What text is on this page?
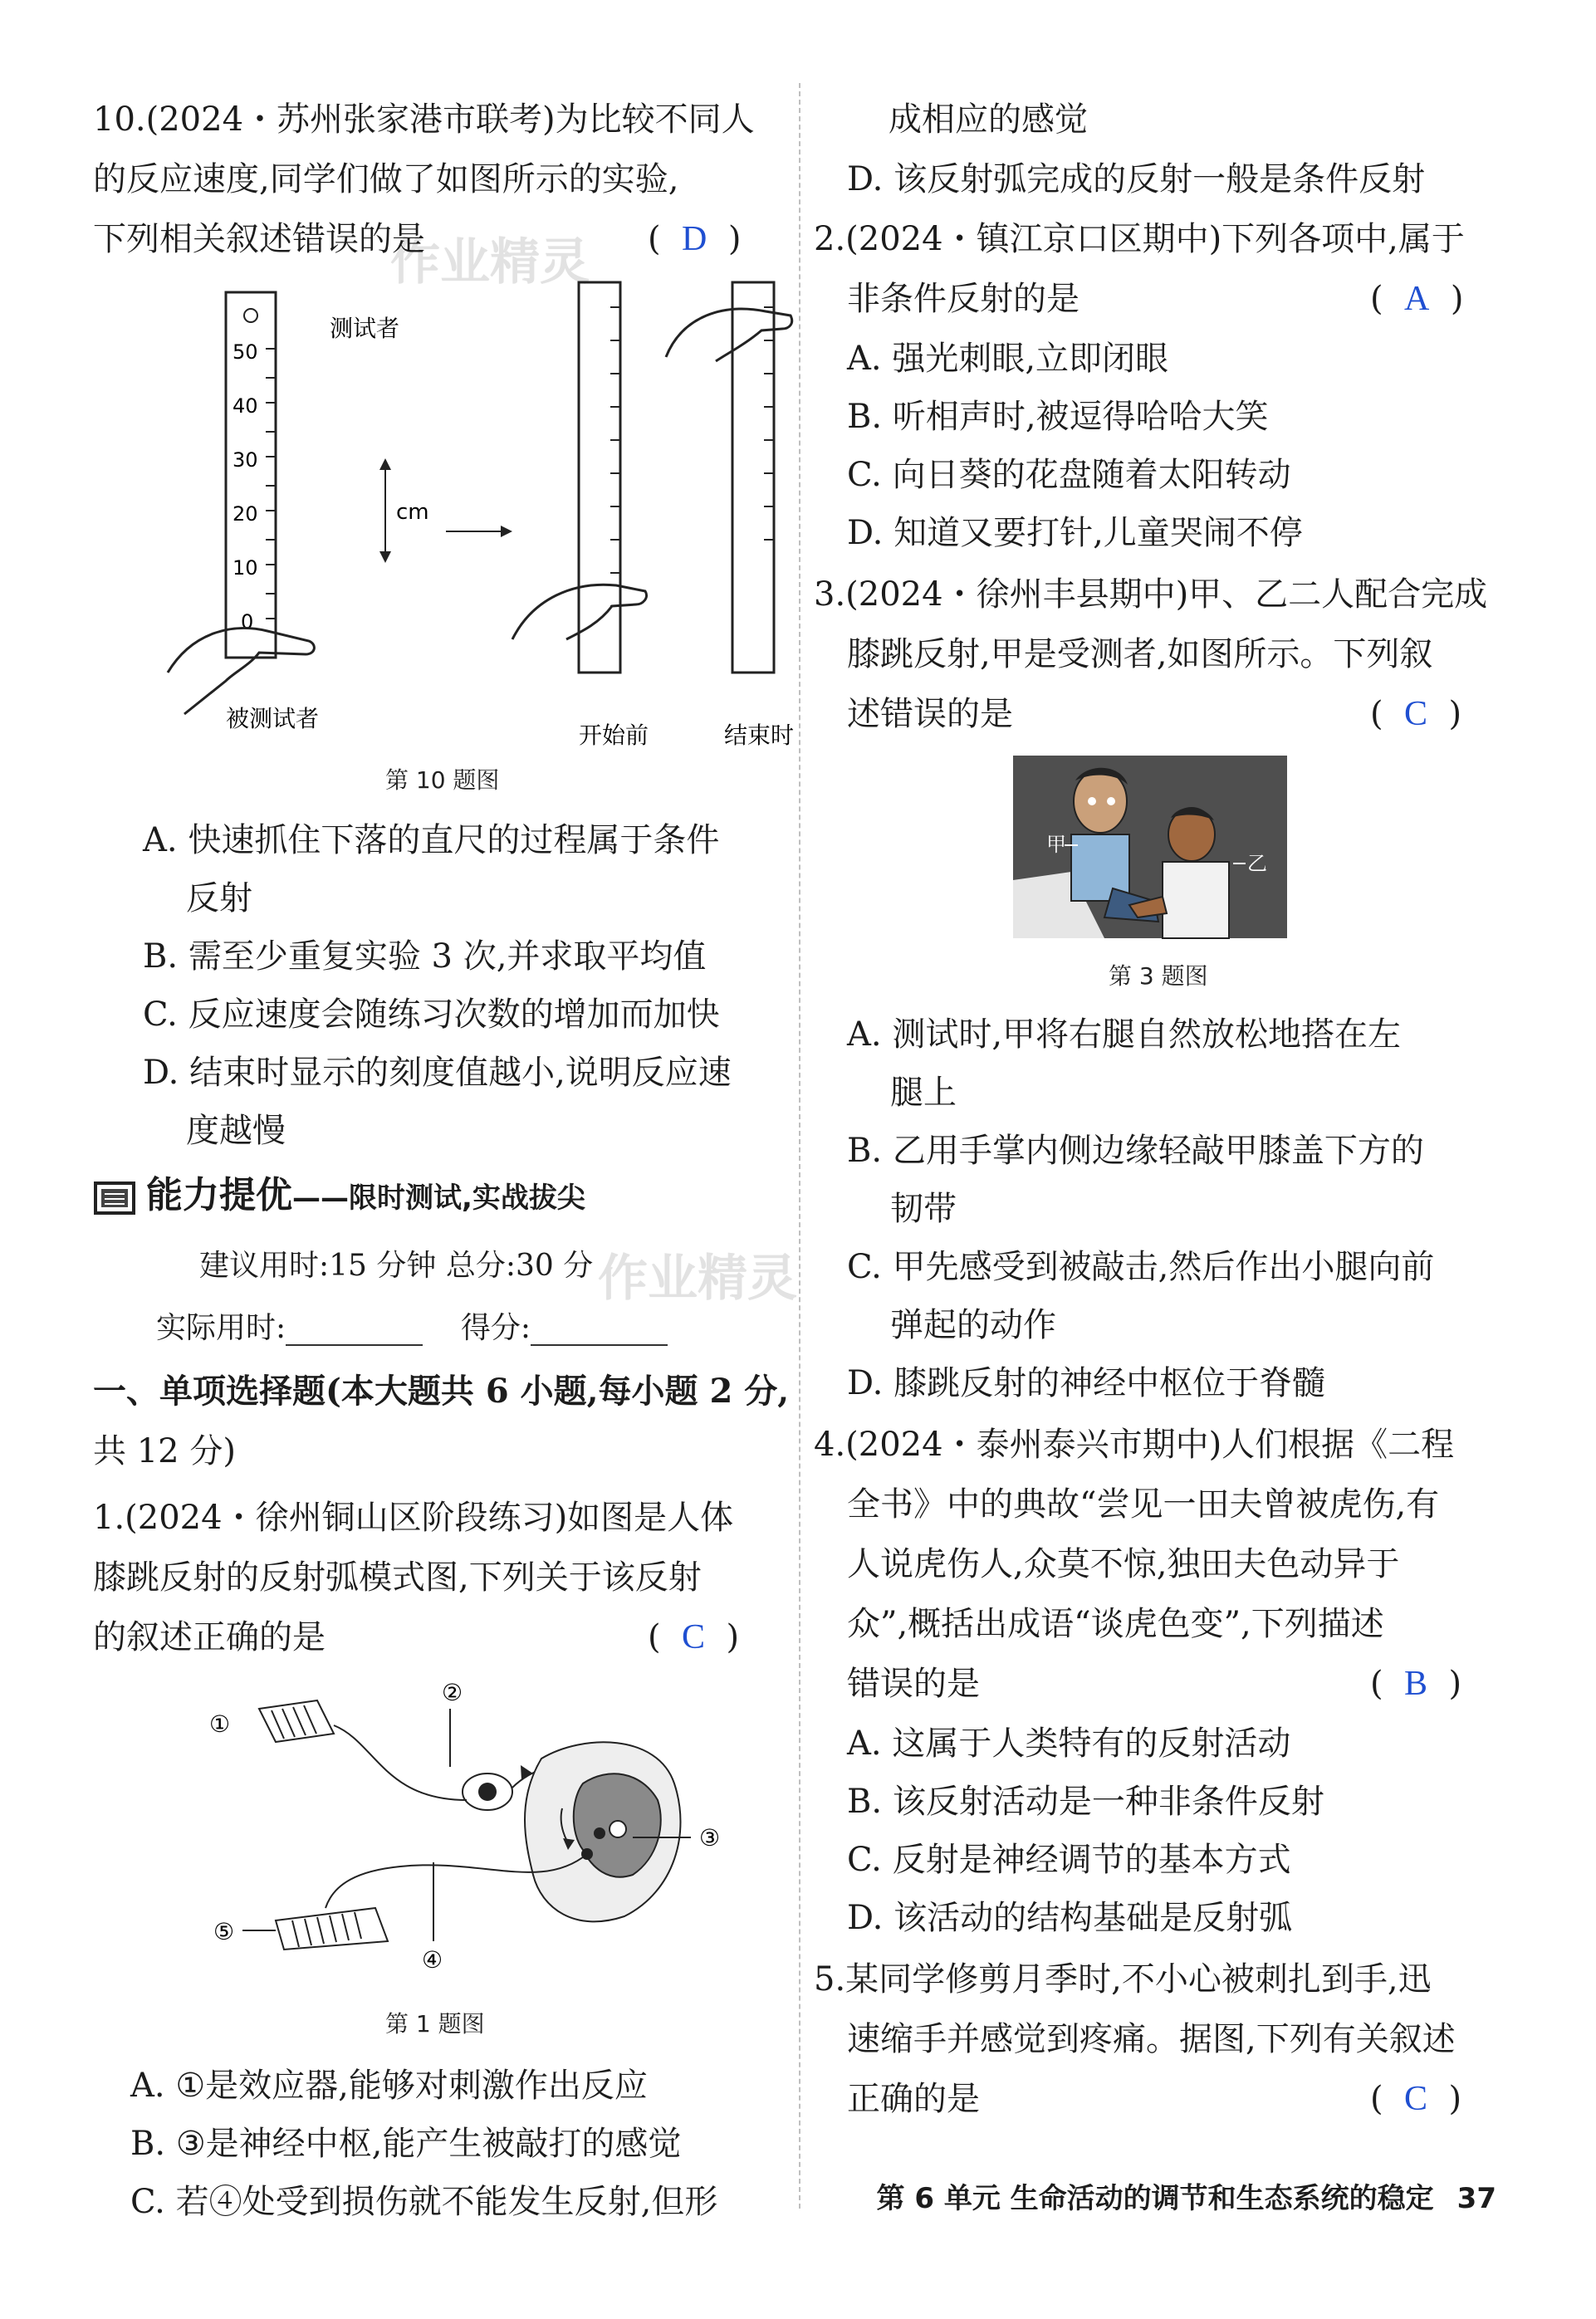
作业精灵
作业精灵
10.(2024・苏州张家港市联考)为比较不同人
的反应速度,同学们做了如图所示的实验,
下列相关叙述错误的是	(  D  )
50
40
30
20
10
0
被测试者
测试者
cm
开始前	结束时
第 10 题图
A. 快速抓住下落的直尺的过程属于条件
反射
B. 需至少重复实验 3 次,并求取平均值
C. 反应速度会随练习次数的增加而加快
D. 结束时显示的刻度值越小,说明反应速
度越慢
能力提优——限时测试,实战拔尖
建议用时:15 分钟 总分:30 分
实际用时:	得分:
一、单项选择题(本大题共 6 小题,每小题 2 分,
共 12 分)
1.(2024・徐州铜山区阶段练习)如图是人体
膝跳反射的反射弧模式图,下列关于该反射
的叙述正确的是	(  C  )
①
②
③
④
⑤
第 1 题图
A. ①是效应器,能够对刺激作出反应
B. ③是神经中枢,能产生被敲打的感觉
C. 若④处受到损伤就不能发生反射,但形
成相应的感觉
D. 该反射弧完成的反射一般是条件反射
2.(2024・镇江京口区期中)下列各项中,属于
非条件反射的是	(  A  )
A. 强光刺眼,立即闭眼
B. 听相声时,被逗得哈哈大笑
C. 向日葵的花盘随着太阳转动
D. 知道又要打针,儿童哭闹不停
3.(2024・徐州丰县期中)甲、乙二人配合完成
膝跳反射,甲是受测者,如图所示。下列叙
述错误的是	(  C  )
甲
乙
第 3 题图
A. 测试时,甲将右腿自然放松地搭在左
腿上
B. 乙用手掌内侧边缘轻敲甲膝盖下方的
韧带
C. 甲先感受到被敲击,然后作出小腿向前
弹起的动作
D. 膝跳反射的神经中枢位于脊髓
4.(2024・泰州泰兴市期中)人们根据《二程
全书》中的典故“尝见一田夫曾被虎伤,有
人说虎伤人,众莫不惊,独田夫色动异于
众”,概括出成语“谈虎色变”,下列描述
错误的是	(  B  )
A. 这属于人类特有的反射活动
B. 该反射活动是一种非条件反射
C. 反射是神经调节的基本方式
D. 该活动的结构基础是反射弧
5.某同学修剪月季时,不小心被刺扎到手,迅
速缩手并感觉到疼痛。据图,下列有关叙述
正确的是	(  C  )
第 6 单元 生命活动的调节和生态系统的稳定 37
